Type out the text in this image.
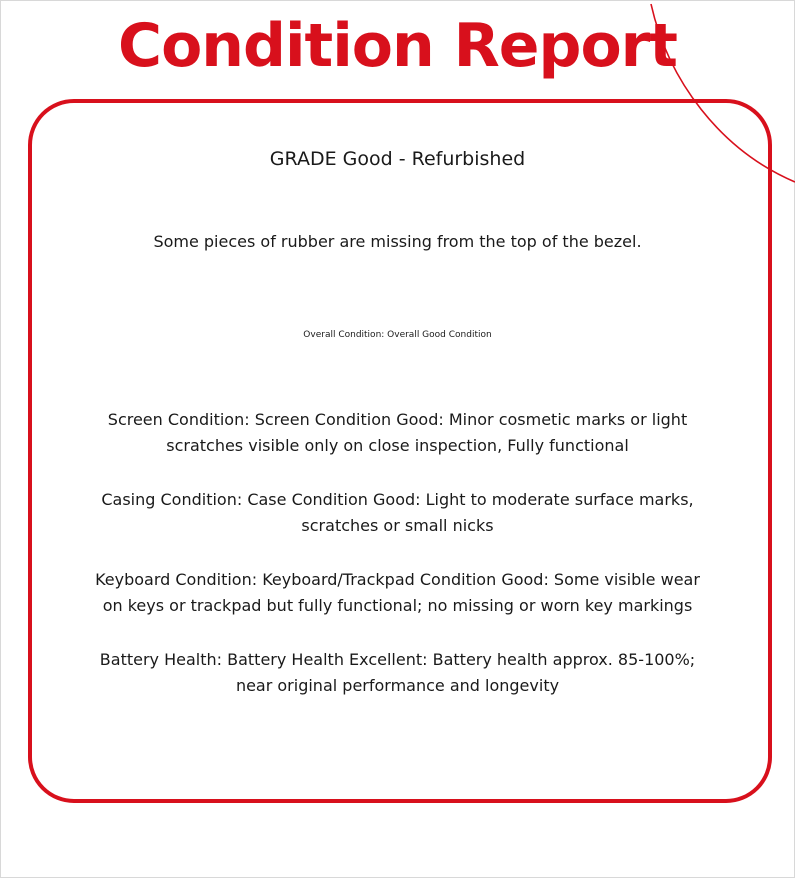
Condition Report
GRADE Good - Refurbished
Some pieces of rubber are missing from the top of the bezel.
Overall Condition: Overall Good Condition
Screen Condition: Screen Condition Good: Minor cosmetic marks or light
scratches visible only on close inspection, Fully functional
Casing Condition: Case Condition Good: Light to moderate surface marks,
scratches or small nicks
Keyboard Condition: Keyboard/Trackpad Condition Good: Some visible wear
on keys or trackpad but fully functional; no missing or worn key markings
Battery Health: Battery Health Excellent: Battery health approx. 85-100%;
near original performance and longevity
